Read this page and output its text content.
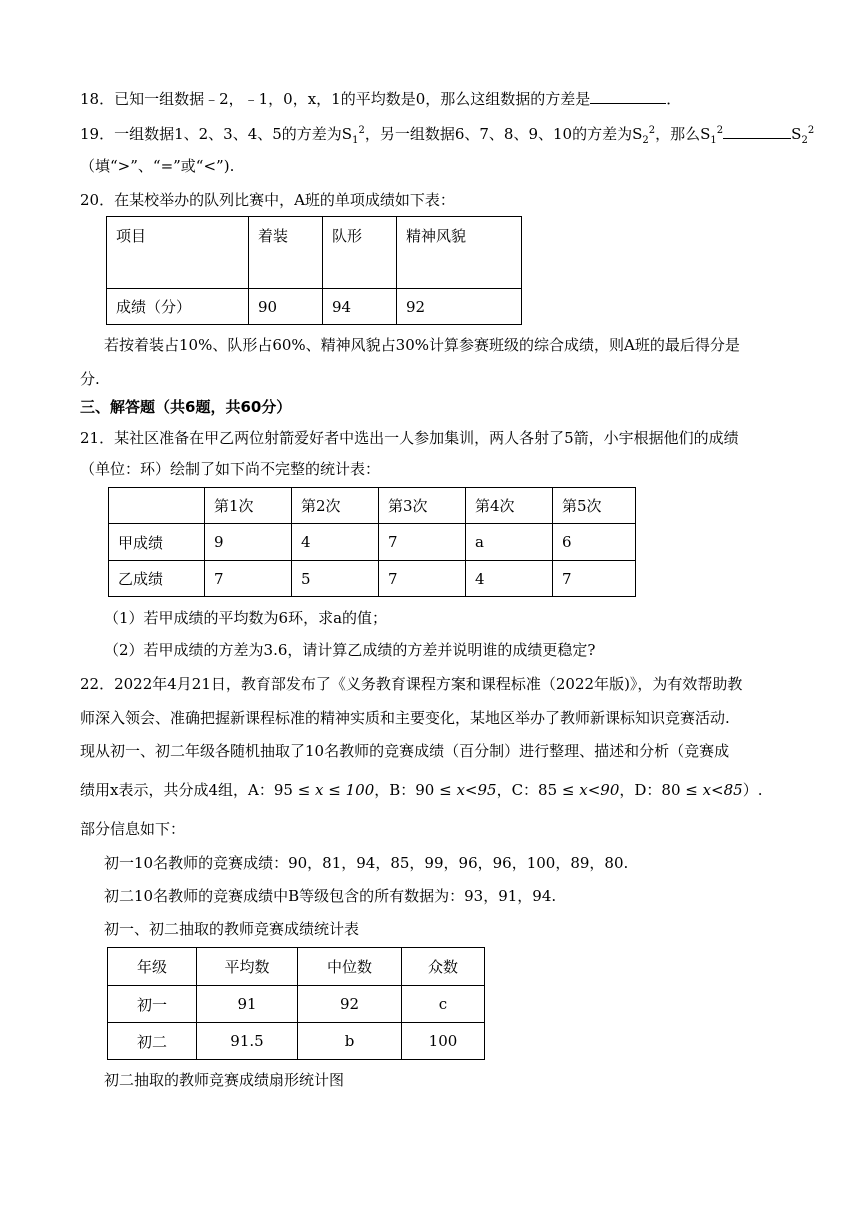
18．已知一组数据﹣2，﹣1，0，x，1的平均数是0，那么这组数据的方差是	．
19．一组数据1、2、3、4、5的方差为$S_1^2$，另一组数据6、7、8、9、10的方差为$S_2^2$，那么$S_1^2$	$S_2^2$
（填“>”、“=”或“<”).
20．在某校举办的队列比赛中，A班的单项成绩如下表：
项目	着装	队形	精神风貌
成绩（分）	90	94	92
若按着装占10%、队形占60%、精神风貌占30%计算参赛班级的综合成绩，则A班的最后得分是
分.
三、解答题（共6题，共60分）
21．某社区准备在甲乙两位射箭爱好者中选出一人参加集训，两人各射了5箭，小宇根据他们的成绩
（单位：环）绘制了如下尚不完整的统计表：
	第1次	第2次	第3次	第4次	第5次
甲成绩	9	4	7	a	6
乙成绩	7	5	7	4	7
（1）若甲成绩的平均数为6环，求a的值；
（2）若甲成绩的方差为3.6，请计算乙成绩的方差并说明谁的成绩更稳定?
22．2022年4月21日，教育部发布了《义务教育课程方案和课程标准（2022年版)》，为有效帮助教
师深入领会、准确把握新课程标准的精神实质和主要变化，某地区举办了教师新课标知识竞赛活动.
现从初一、初二年级各随机抽取了10名教师的竞赛成绩（百分制）进行整理、描述和分析（竞赛成
绩用x表示，共分成4组，A：95 ≤ x ≤ 100，B：90 ≤ x<95，C：85 ≤ x<90，D：80 ≤ x<85）.
部分信息如下：
初一10名教师的竞赛成绩：90，81，94，85，99，96，96，100，89，80.
初二10名教师的竞赛成绩中B等级包含的所有数据为：93，91，94.
初一、初二抽取的教师竞赛成绩统计表
年级	平均数	中位数	众数
初一	91	92	c
初二	91.5	b	100
初二抽取的教师竞赛成绩扇形统计图
